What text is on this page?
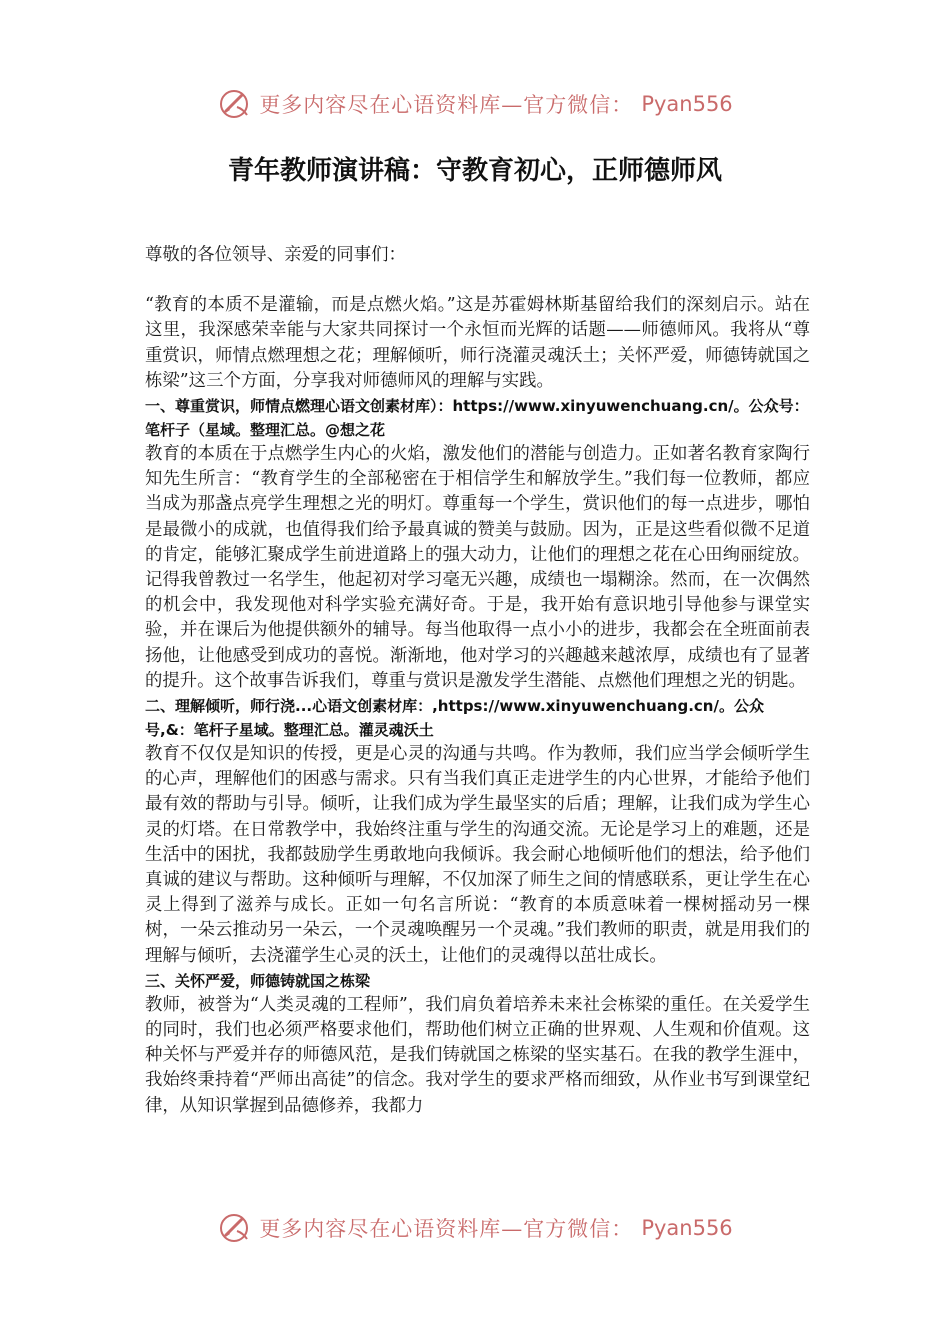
更多内容尽在心语资料库—官方微信： Pyan556
青年教师演讲稿：守教育初心，正师德师风

尊敬的各位领导、亲爱的同事们：

“教育的本质不是灌输，而是点燃火焰。”这是苏霍姆林斯基留给我们的深刻启示。站在这里，我深感荣幸能与大家共同探讨一个永恒而光辉的话题——师德师风。我将从“尊重赏识，师情点燃理想之花；理解倾听，师行浇灌灵魂沃土；关怀严爱，师德铸就国之栋梁”这三个方面，分享我对师德师风的理解与实践。

一、尊重赏识，师情点燃理心语文创素材库）：https://www.xinyuwenchuang.cn/。公众号：笔杆子（星域。整理汇总。@想之花

教育的本质在于点燃学生内心的火焰，激发他们的潜能与创造力。正如著名教育家陶行知先生所言：“教育学生的全部秘密在于相信学生和解放学生。”我们每一位教师，都应当成为那盏点亮学生理想之光的明灯。尊重每一个学生，赏识他们的每一点进步，哪怕是最微小的成就，也值得我们给予最真诚的赞美与鼓励。因为，正是这些看似微不足道的肯定，能够汇聚成学生前进道路上的强大动力，让他们的理想之花在心田绚丽绽放。记得我曾教过一名学生，他起初对学习毫无兴趣，成绩也一塌糊涂。然而，在一次偶然的机会中，我发现他对科学实验充满好奇。于是，我开始有意识地引导他参与课堂实验，并在课后为他提供额外的辅导。每当他取得一点小小的进步，我都会在全班面前表扬他，让他感受到成功的喜悦。渐渐地，他对学习的兴趣越来越浓厚，成绩也有了显著的提升。这个故事告诉我们，尊重与赏识是激发学生潜能、点燃他们理想之光的钥匙。

二、理解倾听，师行浇...心语文创素材库：,https://www.xinyuwenchuang.cn/。公众号,&：笔杆子星域。整理汇总。灌灵魂沃土

教育不仅仅是知识的传授，更是心灵的沟通与共鸣。作为教师，我们应当学会倾听学生的心声，理解他们的困惑与需求。只有当我们真正走进学生的内心世界，才能给予他们最有效的帮助与引导。倾听，让我们成为学生最坚实的后盾；理解，让我们成为学生心灵的灯塔。在日常教学中，我始终注重与学生的沟通交流。无论是学习上的难题，还是生活中的困扰，我都鼓励学生勇敢地向我倾诉。我会耐心地倾听他们的想法，给予他们真诚的建议与帮助。这种倾听与理解，不仅加深了师生之间的情感联系，更让学生在心灵上得到了滋养与成长。正如一句名言所说：“教育的本质意味着一棵树摇动另一棵树，一朵云推动另一朵云，一个灵魂唤醒另一个灵魂。”我们教师的职责，就是用我们的理解与倾听，去浇灌学生心灵的沃土，让他们的灵魂得以茁壮成长。

三、关怀严爱，师德铸就国之栋梁

教师，被誉为“人类灵魂的工程师”，我们肩负着培养未来社会栋梁的重任。在关爱学生的同时，我们也必须严格要求他们，帮助他们树立正确的世界观、人生观和价值观。这种关怀与严爱并存的师德风范，是我们铸就国之栋梁的坚实基石。在我的教学生涯中，我始终秉持着“严师出高徒”的信念。我对学生的要求严格而细致，从作业书写到课堂纪律，从知识掌握到品德修养，我都力

更多内容尽在心语资料库—官方微信： Pyan556
